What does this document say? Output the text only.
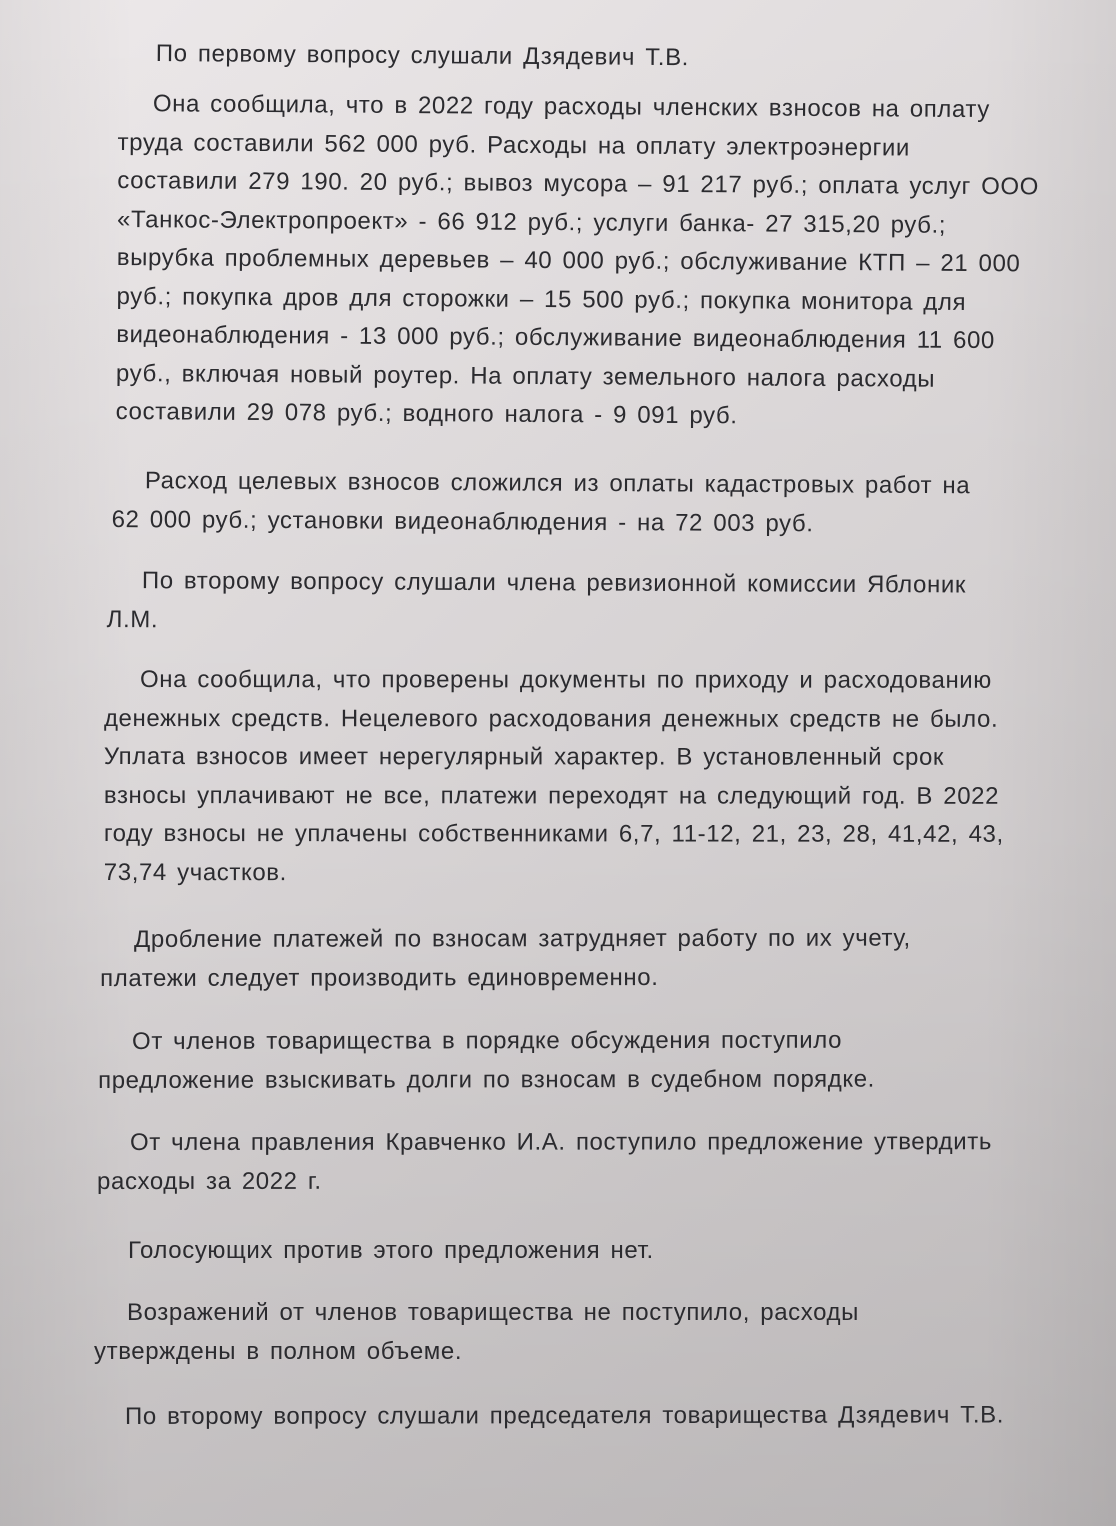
По первому вопросу слушали Дзядевич Т.В.

Она сообщила, что в 2022 году расходы членских взносов на оплату
труда составили 562 000 руб. Расходы на оплату электроэнергии
составили 279 190. 20 руб.; вывоз мусора – 91 217 руб.; оплата услуг ООО
«Танкос-Электропроект» - 66 912 руб.; услуги банка- 27 315,20 руб.;
вырубка проблемных деревьев – 40 000 руб.; обслуживание КТП – 21 000
руб.; покупка дров для сторожки – 15 500 руб.; покупка монитора для
видеонаблюдения - 13 000 руб.; обслуживание видеонаблюдения 11 600
руб., включая новый роутер. На оплату земельного налога расходы
составили 29 078 руб.; водного налога - 9 091 руб.

Расход целевых взносов сложился из оплаты кадастровых работ на
62 000 руб.; установки видеонаблюдения - на 72 003 руб.

По второму вопросу слушали члена ревизионной комиссии Яблоник
Л.М.

Она сообщила, что проверены документы по приходу и расходованию
денежных средств. Нецелевого расходования денежных средств не было.
Уплата взносов имеет нерегулярный характер. В установленный срок
взносы уплачивают не все, платежи переходят на следующий год. В 2022
году взносы не уплачены собственниками 6,7, 11-12, 21, 23, 28, 41,42, 43,
73,74 участков.

Дробление платежей по взносам затрудняет работу по их учету,
платежи следует производить единовременно.

От членов товарищества в порядке обсуждения поступило
предложение взыскивать долги по взносам в судебном порядке.

От члена правления Кравченко И.А. поступило предложение утвердить
расходы за 2022 г.

Голосующих против этого предложения нет.

Возражений от членов товарищества не поступило, расходы
утверждены в полном объеме.

По второму вопросу слушали председателя товарищества Дзядевич Т.В.
